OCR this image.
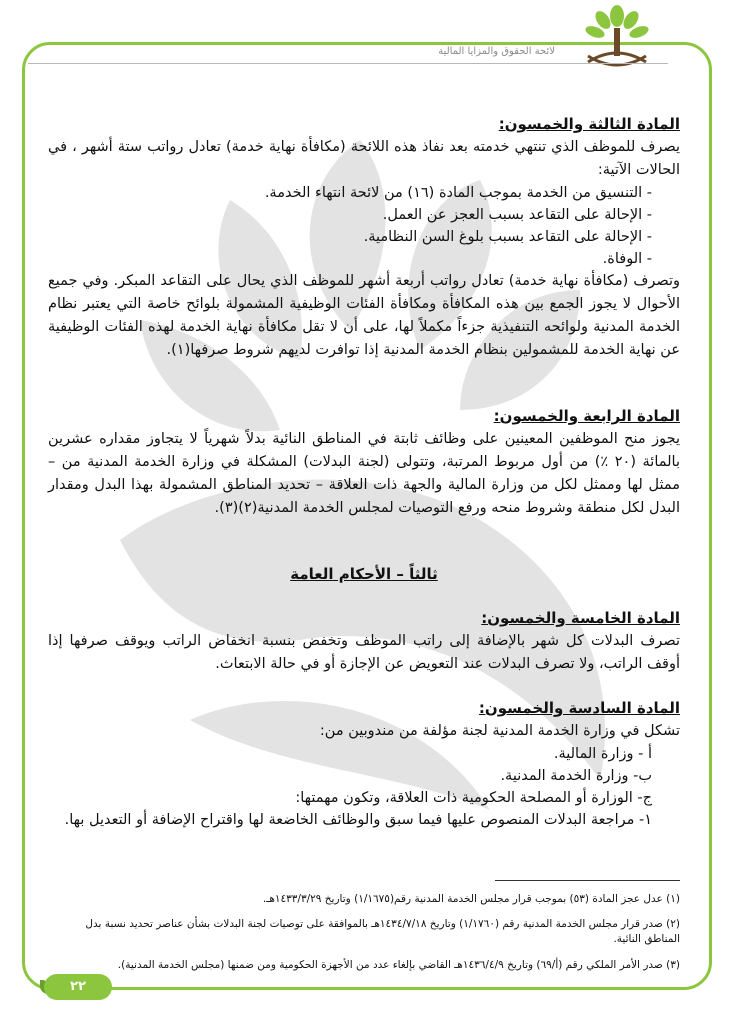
لائحة الحقوق والمزايا المالية

المادة الثالثة والخمسون:

يصرف للموظف الذي تنتهي خدمته بعد نفاذ هذه اللائحة (مكافأة نهاية خدمة) تعادل رواتب ستة أشهر ، في الحالات الآتية:

- التنسيق من الخدمة بموجب المادة (١٦) من لائحة انتهاء الخدمة.
- الإحالة على التقاعد بسبب العجز عن العمل.
- الإحالة على التقاعد بسبب بلوغ السن النظامية.
- الوفاة.

وتصرف (مكافأة نهاية خدمة) تعادل رواتب أربعة أشهر للموظف الذي يحال على التقاعد المبكر. وفي جميع الأحوال لا يجوز الجمع بين هذه المكافأة ومكافأة الفئات الوظيفية المشمولة بلوائح خاصة التي يعتبر نظام الخدمة المدنية ولوائحه التنفيذية جزءاً مكملاً لها، على أن لا تقل مكافأة نهاية الخدمة لهذه الفئات الوظيفية عن نهاية الخدمة للمشمولين بنظام الخدمة المدنية إذا توافرت لديهم شروط صرفها(١).

المادة الرابعة والخمسون:

يجوز منح الموظفين المعينين على وظائف ثابتة في المناطق النائية بدلاً شهرياً لا يتجاوز مقداره عشرين بالمائة (٢٠ ٪) من أول مربوط المرتبة، وتتولى (لجنة البدلات) المشكلة في وزارة الخدمة المدنية من – ممثل لها وممثل لكل من وزارة المالية والجهة ذات العلاقة – تحديد المناطق المشمولة بهذا البدل ومقدار البدل لكل منطقة وشروط منحه ورفع التوصيات لمجلس الخدمة المدنية(٢)(٣).

ثالثاً – الأحكام العامة

المادة الخامسة والخمسون:

تصرف البدلات كل شهر بالإضافة إلى راتب الموظف وتخفض بنسبة انخفاض الراتب ويوقف صرفها إذا أوقف الراتب، ولا تصرف البدلات عند التعويض عن الإجازة أو في حالة الابتعاث.

المادة السادسة والخمسون:

تشكل في وزارة الخدمة المدنية لجنة مؤلفة من مندوبين من:

أ - وزارة المالية.
ب- وزارة الخدمة المدنية.
ج- الوزارة أو المصلحة الحكومية ذات العلاقة، وتكون مهمتها:
١- مراجعة البدلات المنصوص عليها فيما سبق والوظائف الخاضعة لها واقتراح الإضافة أو التعديل بها.

(١) عدل عجز المادة (٥٣) بموجب قرار مجلس الخدمة المدنية رقم(١/١٦٧٥) وتاريخ ١٤٣٣/٣/٢٩هـ.

(٢) صدر قرار مجلس الخدمة المدنية رقم (١/١٧٦٠) وتاريخ ١٤٣٤/٧/١٨هـ بالموافقة على توصيات لجنة البدلات بشأن عناصر تحديد نسبة بدل المناطق النائية.

(٣) صدر الأمر الملكي رقم (أ/٦٩) وتاريخ ١٤٣٦/٤/٩هـ القاضي بإلغاء عدد من الأجهزة الحكومية ومن ضمنها (مجلس الخدمة المدنية).

٢٢
